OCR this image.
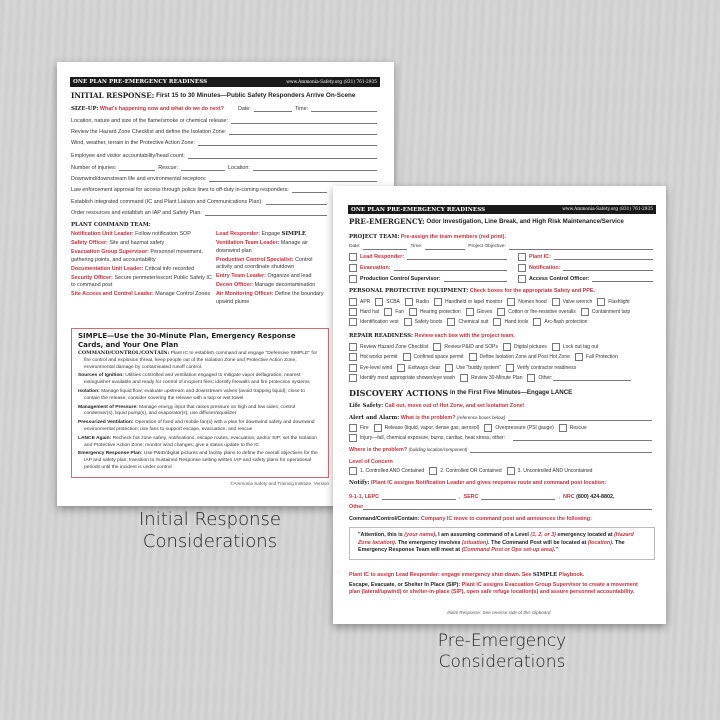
ONE PLAN PRE-EMERGENCY READINESS	www.Ammonia-Safety.org (831) 761-2935
INITIAL RESPONSE:
First 15 to 30 Minutes—Public Safety Responders Arrive On-Scene
SIZE-UP:
What's happening now and what do we do next?	Date:	Time:
Location, nature and size of the flame/smoke or chemical release:
Review the Hazard Zone Checklist and define the Isolation Zone:
Wind, weather, terrain in the Protective Action Zone:
Employee and visitor accountability/head count:
Number of injuries:	Rescue:	Location:
Downwind/downstream life and environmental receptors:
Law enforcement approval for access through police lines to off-duty in-coming responders:
Establish integrated command (IC and Plant Liaison and Communications Plan):
Order resources and establish an IAP and Safety Plan:
PLANT COMMAND TEAM:
Notification Unit Leader: Follow notification SOP
Safety Officer: Site and hazmat safety
Evacuation Group Supervisor: Personnel movement, gathering points, and accountability
Documentation Unit Leader: Critical info recorded
Security Officer: Secure perimeter/escort Public Safety IC to command post
Site Access and Control Leader: Manage Control Zones
Lead Responder: Engage SIMPLE
Ventilation Team Leader: Manage air downwind plan
Production Control Specialist: Control activity and coordinate shutdown
Entry Team Leader: Organize and lead
Decon Officer: Manage decontamination
Air Monitoring Officer: Define the boundary upwind plume
SIMPLE—Use the 30-Minute Plan, Emergency Response Cards, and Your One Plan

COMMAND/CONTROL/CONTAIN: Plant IC to establish command and engage "Defensive SIMPLE" for fire control and explosion threat, keep people out of the Isolation Zone and Protective Action Zone, environmental damage by contaminated runoff control.

Sources of Ignition: Utilities controlled and ventilation engaged to mitigate vapor deflagration; nearest extinguisher available and ready for control of incipient fires; identify firewalls and fire protection systems

Isolation: Manage liquid flow; evaluate upstream and downstream valves (avoid trapping liquid); close to contain the release; consider covering the release with a tarp or wet towel

Management of Pressure: Manage energy input that raises pressure on high and low sides; control condenser(s), liquid pump(s), and evaporator(s); use diffuser/equalizer

Pressurized Ventilation: Operation of fixed and mobile fan(s) with a plan for downwind safety and downwind environmental protection; use fans to support escape, evacuation, and rescue

LANCE Again: Recheck hot zone safety, notifications, escape routes, evacuation, and/or SIP; set the Isolation and Protective Action Zone; monitor wind changes; give a status update to the IC

Emergency Response Plan: Use P&ID/digital pictures and facility plans to define the overall objectives for the IAP and safety plan; transition to Sustained Response setting written IAP and safety plans for operational periods until the incident is under control

©Ammonia Safety and Training Institute. Version
Initial Response
Considerations
ONE PLAN PRE-EMERGENCY READINESS	www.Ammonia-Safety.org (831) 761-2935
PRE-EMERGENCY:
Odor Investigation, Line Break, and High Risk Maintenance/Service
PROJECT TEAM:
Pre-assign the team members (red print).
Date:	Time:	Project Objective:
Lead Responder:	Plant IC:
Evacuation:	Notification:
Production Control Supervisor:	Access Control Officer:
PERSONAL PROTECTIVE EQUIPMENT:
Check boxes for the appropriate Safety and PPE.
APR	SCBA	Radio	Handheld or lapel monitor	Nomex hood	Valve wrench	Flashlight
Hard hat	Fan	Hearing protection	Gloves	Cotton or fire-resistive overalls	Containment tarp
Identification vest	Safety boots	Chemical suit	Hand tools	Arc-flash protection
REPAIR READINESS:
Review each box with the project team.
Review Hazard Zone Checklist	Review P&ID and SOPs	Digital pictures	Lock out tag out
Hot works permit	Confined space permit	Define Isolation Zone and Post Hot Zone	Fall Protection
Eye-level wind	Exitways clear	Use "buddy system"	Verify contractor readiness
Identify most appropriate shower/eye wash	Review 30-Minute Plan	Other:
DISCOVERY ACTIONS
in the First Five Minutes—Engage LANCE
Life Safety:
Call out, move out of Hot Zone, and set Isolation Zone!
Alert and Alarm:
What is the problem?
(reference boxes below)
Fire	Release (liquid, vapor, dense gas, aerosol)	Overpressure (PSI gauge)	Rescue
Injury—fall, chemical exposure, burns, cardiac, heat stress, other:
Where is the problem?
(building location/component)
Level of Concern
1. Controlled AND Contained	2. Controlled OR Contained	3. Uncontrolled AND Uncontained
Notify:
IPlant IC assigns Notification Leader and gives response route and command post location:
9-1-1, LEPC	, SERC	, NRC
(800) 424-8802,
Other
Command/Control/Contain:
Company IC move to command post and announces the following:
"Attention, this is (your name), I am assuming command of a Level (1, 2, or 3) emergency located at (Hazard Zone location). The emergency involves (situation). The Command Post will be located at (location). The Emergency Response Team will meet at (Command Post or Ops set-up area)."
Plant IC to assign Lead Responder: engage emergency shut-down. See
SIMPLE
Playbook.
Escape, Evacuate, or Shelter In Place (SIP): Plant IC assigns Evacuation Group Supervisor to create a movement plan (lateral/upwind) or shelter-in-place (SIP), open safe refuge location(s) and assure personnel accountability.
Initial Response: See reverse side of this clipboard.
Pre-Emergency
Considerations
